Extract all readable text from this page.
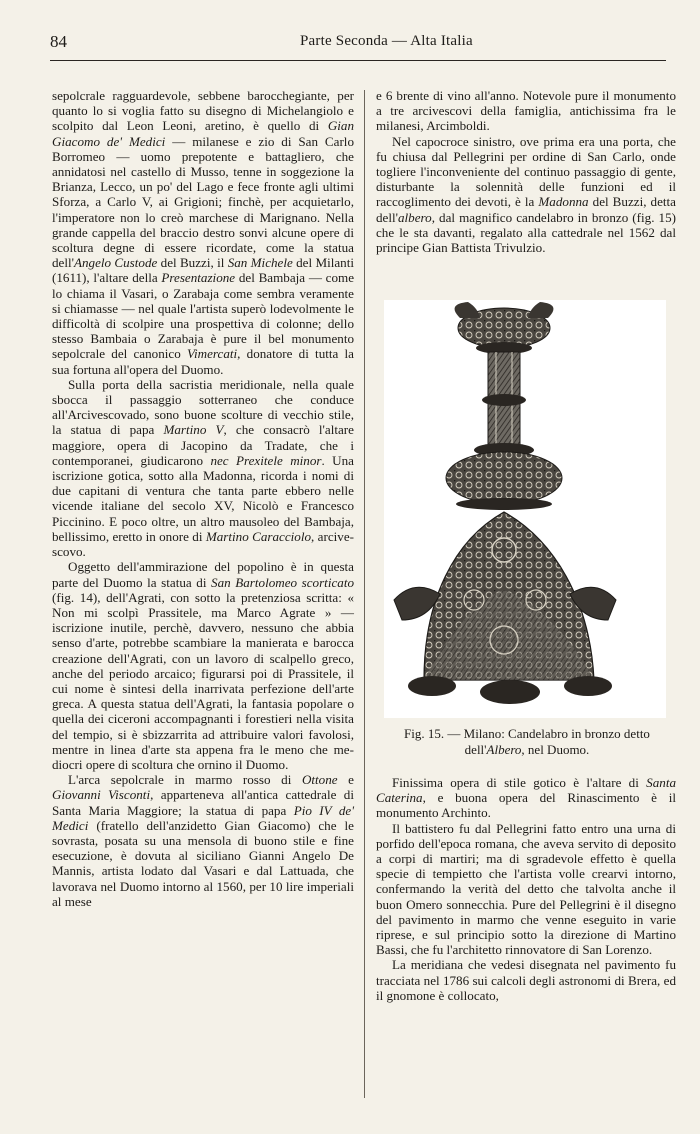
84	Parte Seconda — Alta Italia

sepolcrale ragguardevole, sebbene barocchegiante, per quanto lo si voglia fatto su disegno di Michelangiolo e scolpito dal Leon Leoni, aretino, è quello di Gian Giacomo de' Medici — milanese e zio di San Carlo Borromeo — uomo prepotente e battagliero, che annidatosi nel castello di Musso, tenne in soggezione la Brianza, Lecco, un po' del Lago e fece fronte agli ultimi Sforza, a Carlo V, ai Grigioni; finchè, per acquietarlo, l'imperatore non lo creò marchese di Marignano. Nella grande cappella del braccio destro sonvi alcune opere di scoltura degne di essere ricordate, come la statua dell'Angelo Custode del Buzzi, il San Michele del Milanti (1611), l'altare della Presentazione del Bambaja — come lo chiama il Vasari, o Zarabaja come sembra veramente si chiamasse — nel quale l'artista superò lodevolmente le difficoltà di scolpire una prospettiva di colonne; dello stesso Bambaia o Zarabaja è pure il bel monumento sepolcrale del canonico Vimercati, donatore di tutta la sua fortuna all'opera del Duomo.

Sulla porta della sacristia meridionale, nella quale sbocca il passaggio sotterraneo che conduce all'Arcivescovado, sono buone scolture di vecchio stile, la statua di papa Martino V, che consacrò l'altare maggiore, opera di Jacopino da Tradate, che i contemporanei, giudicarono nec Prexitele minor. Una iscrizione gotica, sotto alla Madonna, ricorda i nomi di due capitani di ventura che tanta parte ebbero nelle vicende italiane del secolo XV, Nicolò e Francesco Piccinino. E poco oltre, un altro mausoleo del Bambaja, bellissimo, eretto in onore di Martino Caracciolo, arcivescovo.

Oggetto dell'ammirazione del popolino è in questa parte del Duomo la statua di San Bartolomeo scorticato (fig. 14), dell'Agrati, con sotto la pretenziosa scritta: « Non mi scolpì Prassitele, ma Marco Agrate » — iscrizione inutile, perchè, davvero, nessuno che abbia senso d'arte, potrebbe scambiare la manierata e barocca creazione dell'Agrati, con un lavoro di scalpello greco, anche del periodo arcaico; figurarsi poi di Prassitele, il cui nome è sintesi della inarrivata perfezione dell'arte greca. A questa statua dell'Agrati, la fantasia popolare o quella dei ciceroni accompagnanti i forestieri nella visita del tempio, si è sbizzarrita ad attribuire valori favolosi, mentre in linea d'arte sta appena fra le meno che mediocri opere di scoltura che ornino il Duomo.

L'arca sepolcrale in marmo rosso di Ottone e Giovanni Visconti, apparteneva all'antica cattedrale di Santa Maria Maggiore; la statua di papa Pio IV de' Medici (fratello dell'anzidetto Gian Giacomo) che le sovrasta, posata su una mensola di buono stile e fine esecuzione, è dovuta al siciliano Gianni Angelo De Mannis, artista lodato dal Vasari e dal Lattuada, che lavorava nel Duomo intorno al 1560, per 10 lire imperiali al mese

e 6 brente di vino all'anno. Notevole pure il monumento a tre arcivescovi della famiglia, antichissima fra le milanesi, Arcimboldi.

Nel capocroce sinistro, ove prima era una porta, che fu chiusa dal Pellegrini per ordine di San Carlo, onde togliere l'inconveniente del continuo passaggio di gente, disturbante la solennità delle funzioni ed il raccoglimento dei devoti, è la Madonna del Buzzi, detta dell'albero, dal magnifico candelabro in bronzo (fig. 15) che le sta davanti, regalato alla cattedrale nel 1562 dal principe Gian Battista Trivulzio.

Fig. 15. — Milano: Candelabro in bronzo detto dell'Albero, nel Duomo.

Finissima opera di stile gotico è l'altare di Santa Caterina, e buona opera del Rinascimento è il monumento Archinto.

Il battistero fu dal Pellegrini fatto entro una urna di porfido dell'epoca romana, che aveva servito di deposito a corpi di martiri; ma di sgradevole effetto è quella specie di tempietto che l'artista volle crearvi intorno, confermando la verità del detto che talvolta anche il buon Omero sonnecchia. Pure del Pellegrini è il disegno del pavimento in marmo che venne eseguito in varie riprese, e sul principio sotto la direzione di Martino Bassi, che fu l'architetto rinnovatore di San Lorenzo.

La meridiana che vedesi disegnata nel pavimento fu tracciata nel 1786 sui calcoli degli astronomi di Brera, ed il gnomone è collocato,
